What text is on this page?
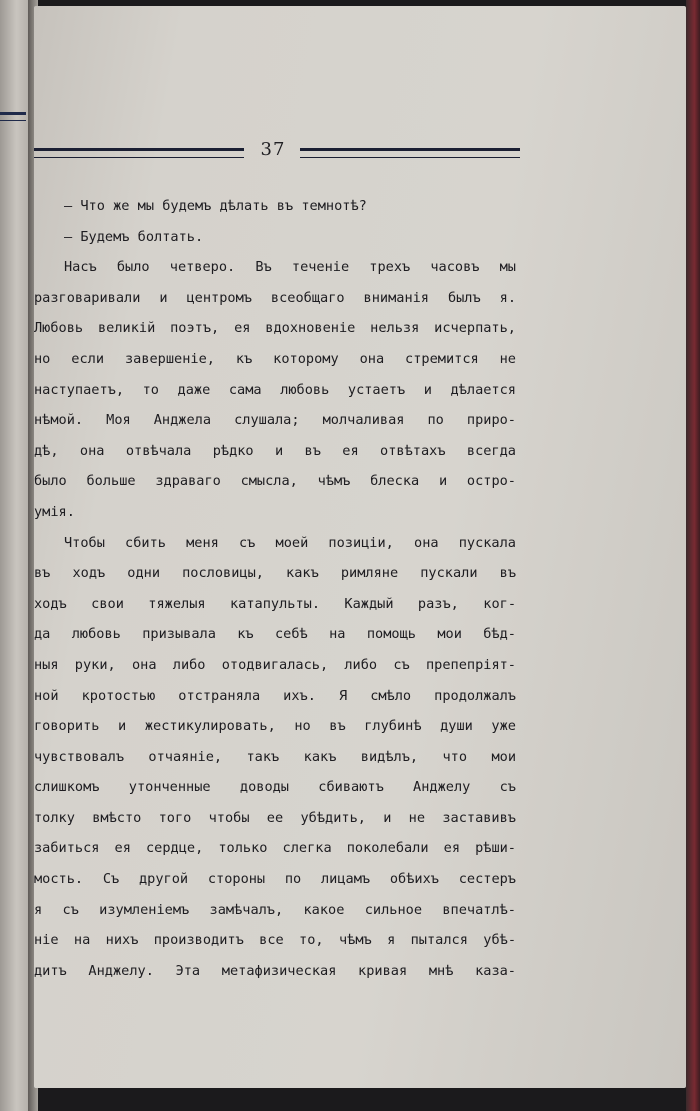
37
— Что же мы будемъ дѣлать въ темнотѣ?
— Будемъ болтать.
Насъ было четверо. Въ теченіе трехъ часовъ мы
разговаривали и центромъ всеобщаго вниманія былъ я.
Любовь великій поэтъ, ея вдохновеніе нельзя исчерпать,
но если завершеніе, къ которому она стремится не
наступаетъ, то даже сама любовь устаетъ и дѣлается
нѣмой. Моя Анджела слушала; молчаливая по приро-
дѣ, она отвѣчала рѣдко и въ ея отвѣтахъ всегда
было больше здраваго смысла, чѣмъ блеска и остро-
умія.
Чтобы сбить меня съ моей позиціи, она пускала
въ ходъ одни пословицы, какъ римляне пускали въ
ходъ свои тяжелыя катапульты. Каждый разъ, ког-
да любовь призывала къ себѣ на помощь мои бѣд-
ныя руки, она либо отодвигалась, либо съ препепріят-
ной кротостью отстраняла ихъ. Я смѣло продолжалъ
говорить и жестикулировать, но въ глубинѣ души уже
чувствовалъ отчаяніе, такъ какъ видѣлъ, что мои
слишкомъ утонченные доводы сбиваютъ Анджелу съ
толку вмѣсто того чтобы ее убѣдить, и не заставивъ
забиться ея сердце, только слегка поколебали ея рѣши-
мость. Съ другой стороны по лицамъ обѣихъ сестеръ
я съ изумленіемъ замѣчалъ, какое сильное впечатлѣ-
ніе на нихъ производитъ все то, чѣмъ я пытался убѣ-
дитъ Анджелу. Эта метафизическая кривая мнѣ каза-
